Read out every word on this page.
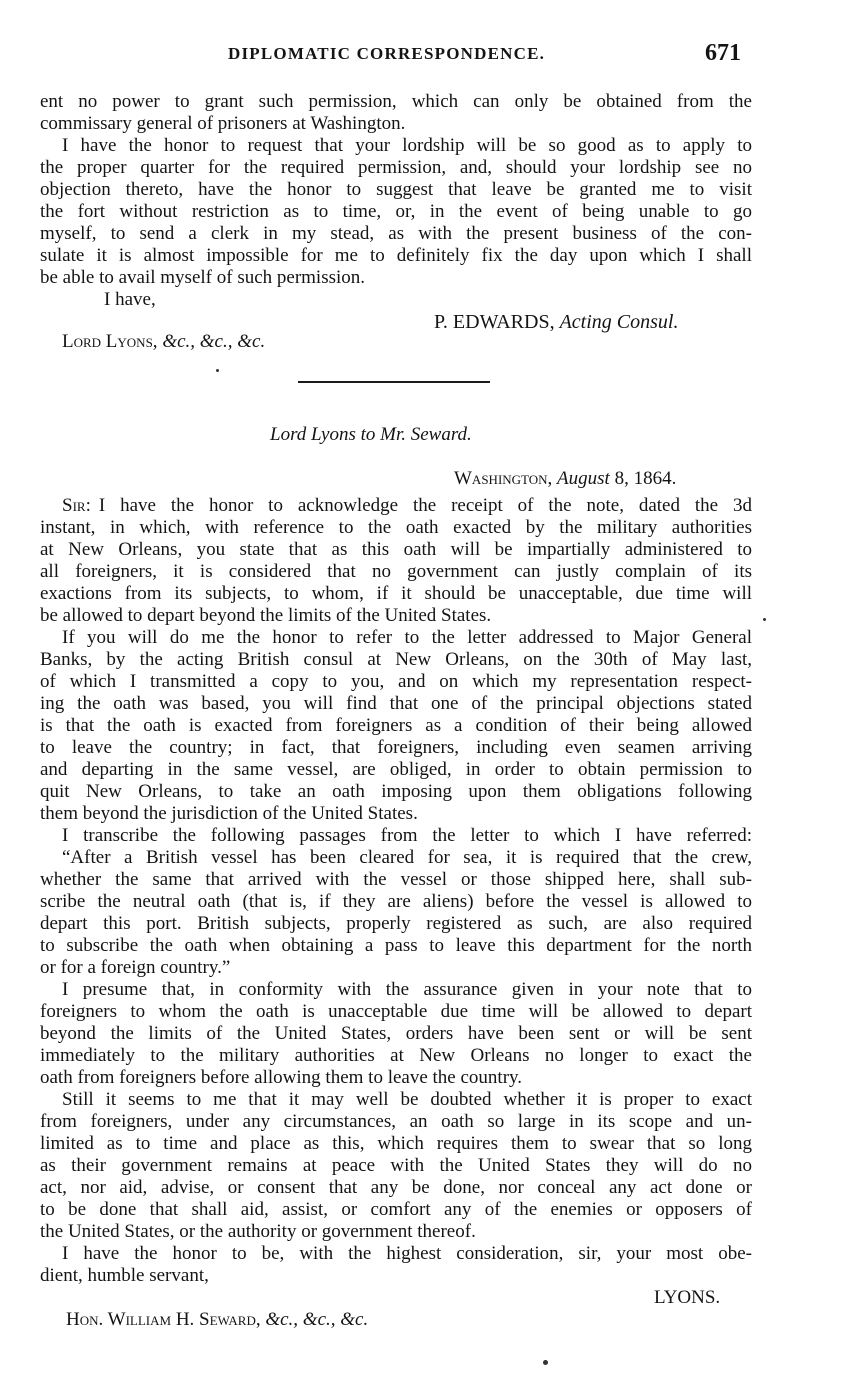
DIPLOMATIC CORRESPONDENCE.	671
ent no power to grant such permission, which can only be obtained from the
commissary general of prisoners at Washington.
I have the honor to request that your lordship will be so good as to apply to
the proper quarter for the required permission, and, should your lordship see no
objection thereto, have the honor to suggest that leave be granted me to visit
the fort without restriction as to time, or, in the event of being unable to go
myself, to send a clerk in my stead, as with the present business of the con-
sulate it is almost impossible for me to definitely fix the day upon which I shall
be able to avail myself of such permission.
I have,
P. EDWARDS, Acting Consul.
Lord Lyons, &c., &c., &c.
Lord Lyons to Mr. Seward.
Washington, August 8, 1864.
Sir: I have the honor to acknowledge the receipt of the note, dated the 3d
instant, in which, with reference to the oath exacted by the military authorities
at New Orleans, you state that as this oath will be impartially administered to
all foreigners, it is considered that no government can justly complain of its
exactions from its subjects, to whom, if it should be unacceptable, due time will
be allowed to depart beyond the limits of the United States.
If you will do me the honor to refer to the letter addressed to Major General
Banks, by the acting British consul at New Orleans, on the 30th of May last,
of which I transmitted a copy to you, and on which my representation respect-
ing the oath was based, you will find that one of the principal objections stated
is that the oath is exacted from foreigners as a condition of their being allowed
to leave the country; in fact, that foreigners, including even seamen arriving
and departing in the same vessel, are obliged, in order to obtain permission to
quit New Orleans, to take an oath imposing upon them obligations following
them beyond the jurisdiction of the United States.
I transcribe the following passages from the letter to which I have referred:
“After a British vessel has been cleared for sea, it is required that the crew,
whether the same that arrived with the vessel or those shipped here, shall sub-
scribe the neutral oath (that is, if they are aliens) before the vessel is allowed to
depart this port. British subjects, properly registered as such, are also required
to subscribe the oath when obtaining a pass to leave this department for the north
or for a foreign country.”
I presume that, in conformity with the assurance given in your note that to
foreigners to whom the oath is unacceptable due time will be allowed to depart
beyond the limits of the United States, orders have been sent or will be sent
immediately to the military authorities at New Orleans no longer to exact the
oath from foreigners before allowing them to leave the country.
Still it seems to me that it may well be doubted whether it is proper to exact
from foreigners, under any circumstances, an oath so large in its scope and un-
limited as to time and place as this, which requires them to swear that so long
as their government remains at peace with the United States they will do no
act, nor aid, advise, or consent that any be done, nor conceal any act done or
to be done that shall aid, assist, or comfort any of the enemies or opposers of
the United States, or the authority or government thereof.
I have the honor to be, with the highest consideration, sir, your most obe-
dient, humble servant,
LYONS.
Hon. William H. Seward, &c., &c., &c.
